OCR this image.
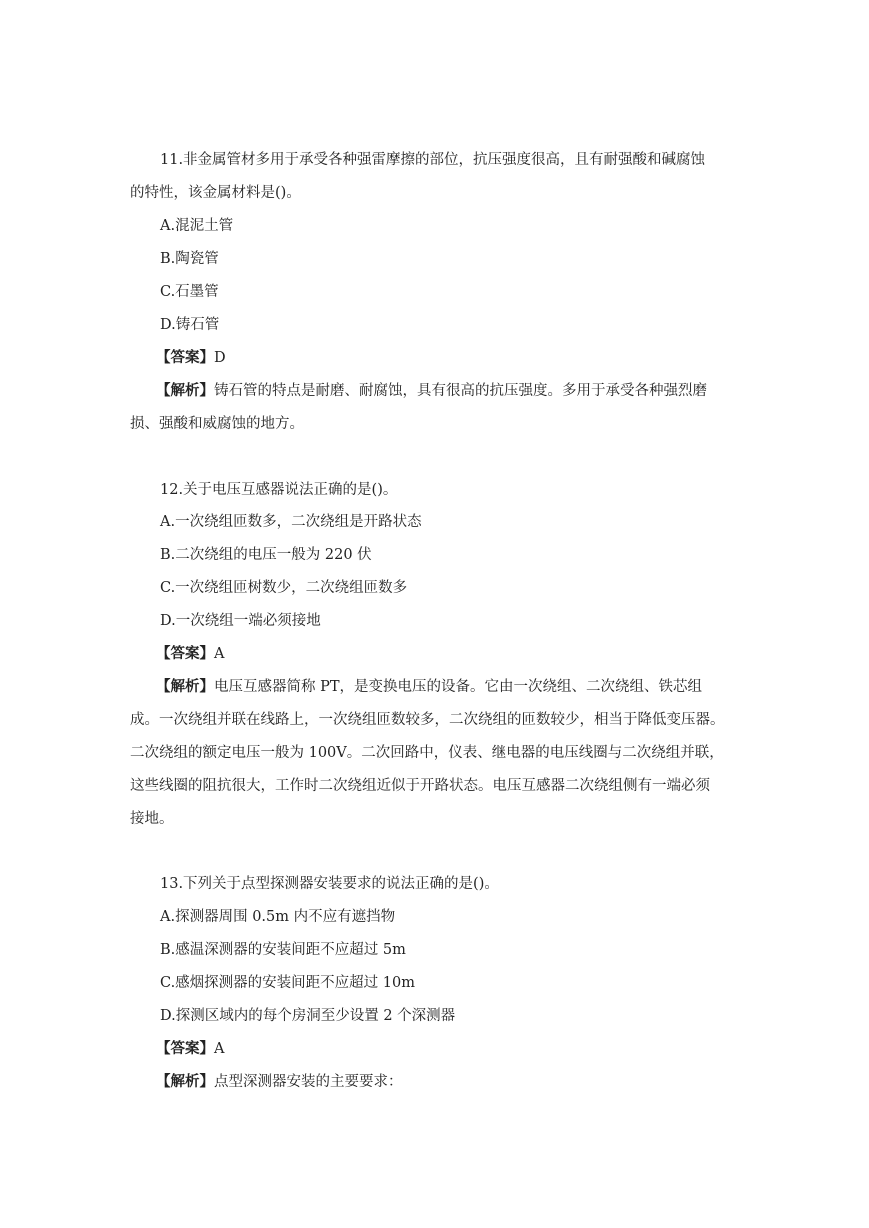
11.非金属管材多用于承受各种强雷摩擦的部位，抗压强度很高，且有耐强酸和碱腐蚀
的特性，该金属材料是()。
A.混泥土管
B.陶瓷管
C.石墨管
D.铸石管
【答案】D
【解析】铸石管的特点是耐磨、耐腐蚀，具有很高的抗压强度。多用于承受各种强烈磨
损、强酸和威腐蚀的地方。
12.关于电压互感器说法正确的是()。
A.一次绕组匝数多，二次绕组是开路状态
B.二次绕组的电压一般为 220 伏
C.一次绕组匝树数少，二次绕组匝数多
D.一次绕组一端必须接地
【答案】A
【解析】电压互感器简称 PT，是变换电压的设备。它由一次绕组、二次绕组、铁芯组
成。一次绕组并联在线路上，一次绕组匝数较多，二次绕组的匝数较少，相当于降低变压器。
二次绕组的额定电压一般为 100V。二次回路中，仪表、继电器的电压线圈与二次绕组并联，
这些线圈的阻抗很大，工作时二次绕组近似于开路状态。电压互感器二次绕组侧有一端必须
接地。
13.下列关于点型探测器安装要求的说法正确的是()。
A.探测器周围 0.5m 内不应有遮挡物
B.感温深测器的安装间距不应超过 5m
C.感烟探测器的安装间距不应超过 10m
D.探测区域内的每个房洞至少设置 2 个深测器
【答案】A
【解析】点型深测器安装的主要要求：
